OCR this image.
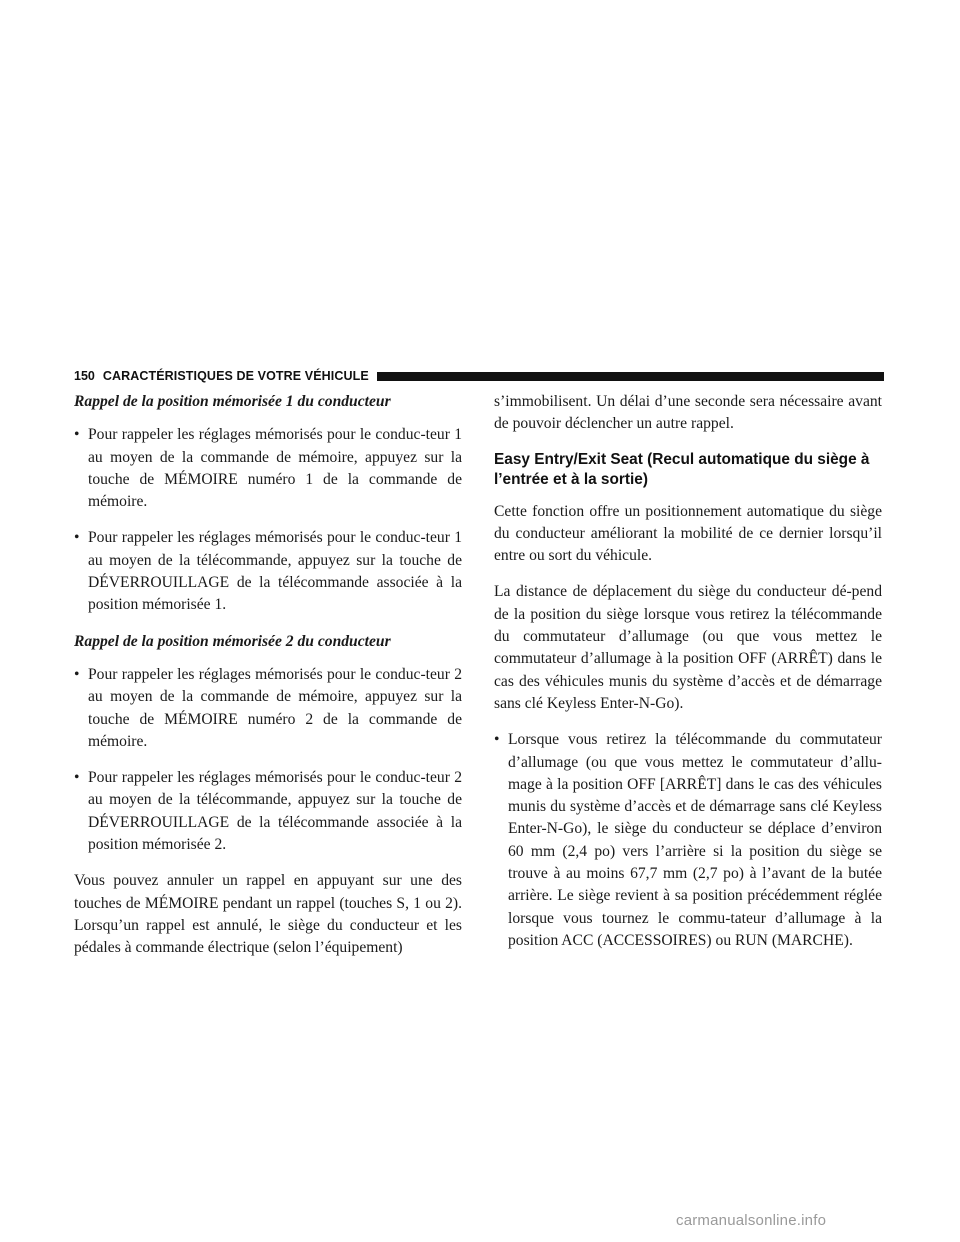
150 CARACTÉRISTIQUES DE VOTRE VÉHICULE

Rappel de la position mémorisée 1 du conducteur

• Pour rappeler les réglages mémorisés pour le conduc-teur 1 au moyen de la commande de mémoire, appuyez sur la touche de MÉMOIRE numéro 1 de la commande de mémoire.
• Pour rappeler les réglages mémorisés pour le conduc-teur 1 au moyen de la télécommande, appuyez sur la touche de DÉVERROUILLAGE de la télécommande associée à la position mémorisée 1.

Rappel de la position mémorisée 2 du conducteur

• Pour rappeler les réglages mémorisés pour le conduc-teur 2 au moyen de la commande de mémoire, appuyez sur la touche de MÉMOIRE numéro 2 de la commande de mémoire.
• Pour rappeler les réglages mémorisés pour le conduc-teur 2 au moyen de la télécommande, appuyez sur la touche de DÉVERROUILLAGE de la télécommande associée à la position mémorisée 2.

Vous pouvez annuler un rappel en appuyant sur une des touches de MÉMOIRE pendant un rappel (touches S, 1 ou 2). Lorsqu’un rappel est annulé, le siège du conducteur et les pédales à commande électrique (selon l’équipement)

s’immobilisent. Un délai d’une seconde sera nécessaire avant de pouvoir déclencher un autre rappel.

Easy Entry/Exit Seat (Recul automatique du siège à l’entrée et à la sortie)

Cette fonction offre un positionnement automatique du siège du conducteur améliorant la mobilité de ce dernier lorsqu’il entre ou sort du véhicule.

La distance de déplacement du siège du conducteur dé-pend de la position du siège lorsque vous retirez la télécommande du commutateur d’allumage (ou que vous mettez le commutateur d’allumage à la position OFF (ARRÊT) dans le cas des véhicules munis du système d’accès et de démarrage sans clé Keyless Enter-N-Go).

• Lorsque vous retirez la télécommande du commutateur d’allumage (ou que vous mettez le commutateur d’allu-mage à la position OFF [ARRÊT] dans le cas des véhicules munis du système d’accès et de démarrage sans clé Keyless Enter-N-Go), le siège du conducteur se déplace d’environ 60 mm (2,4 po) vers l’arrière si la position du siège se trouve à au moins 67,7 mm (2,7 po) à l’avant de la butée arrière. Le siège revient à sa position précédemment réglée lorsque vous tournez le commu-tateur d’allumage à la position ACC (ACCESSOIRES) ou RUN (MARCHE).
carmanualsonline.info
